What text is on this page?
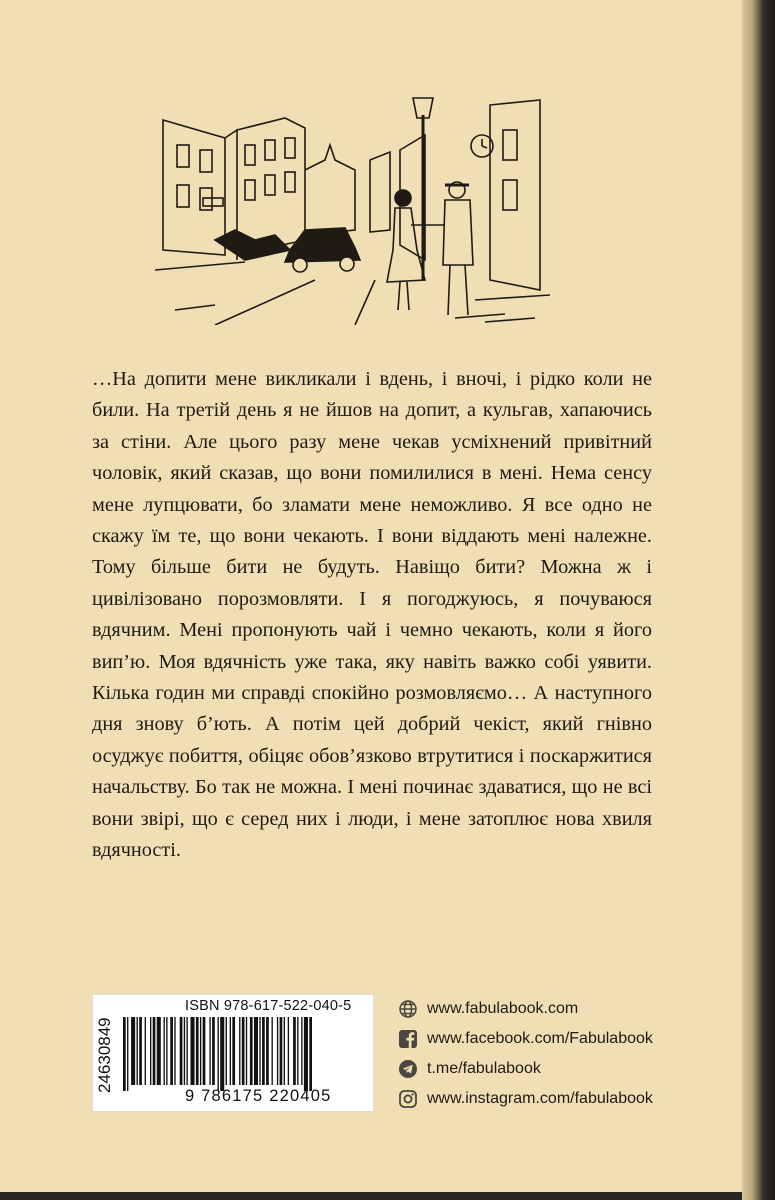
…На допити мене викликали і вдень, і вночі, і рідко коли не били. На третій день я не йшов на допит, а кульгав, хапаючись за стіни. Але цього разу мене чекав усміхнений привітний чоловік, який сказав, що вони помилилися в мені. Нема сенсу мене лупцювати, бо зламати мене неможливо. Я все одно не скажу їм те, що вони чекають. І вони віддають мені належне. Тому більше бити не будуть. Навіщо бити? Можна ж і цивілізовано порозмовляти. І я погоджуюсь, я почуваюся вдячним. Мені пропонують чай і чемно чекають, коли я його вип’ю. Моя вдячність уже така, яку навіть важко собі уявити. Кілька годин ми справді спокійно розмовляємо… А наступного дня знову б’ють. А потім цей добрий чекіст, який гнівно осуджує побиття, обіцяє обов’язково втрутитися і поскаржитися начальству. Бо так не можна. І мені починає здаватися, що не всі вони звірі, що є серед них і люди, і мене затоплює нова хвиля вдячності.

24630849
ISBN 978-617-522-040-5
9 786175 220405
www.fabulabook.com
www.facebook.com/Fabulabook
t.me/fabulabook
www.instagram.com/fabulabook
